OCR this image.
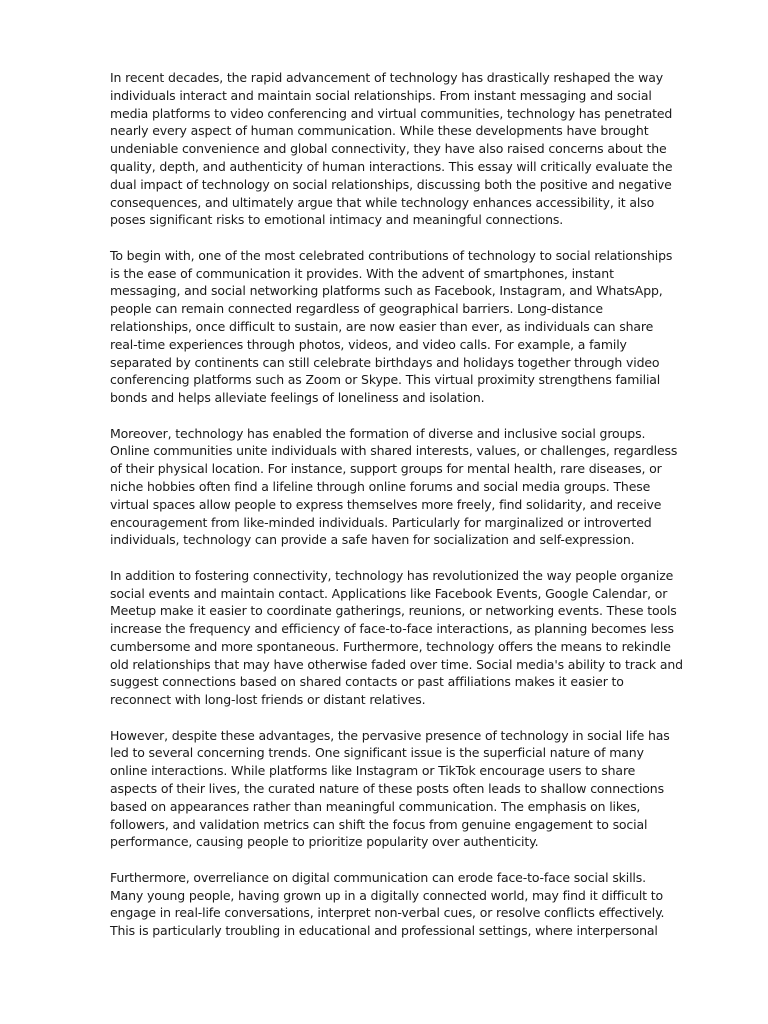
In recent decades, the rapid advancement of technology has drastically reshaped the way
individuals interact and maintain social relationships. From instant messaging and social
media platforms to video conferencing and virtual communities, technology has penetrated
nearly every aspect of human communication. While these developments have brought
undeniable convenience and global connectivity, they have also raised concerns about the
quality, depth, and authenticity of human interactions. This essay will critically evaluate the
dual impact of technology on social relationships, discussing both the positive and negative
consequences, and ultimately argue that while technology enhances accessibility, it also
poses significant risks to emotional intimacy and meaningful connections.

To begin with, one of the most celebrated contributions of technology to social relationships
is the ease of communication it provides. With the advent of smartphones, instant
messaging, and social networking platforms such as Facebook, Instagram, and WhatsApp,
people can remain connected regardless of geographical barriers. Long-distance
relationships, once difficult to sustain, are now easier than ever, as individuals can share
real-time experiences through photos, videos, and video calls. For example, a family
separated by continents can still celebrate birthdays and holidays together through video
conferencing platforms such as Zoom or Skype. This virtual proximity strengthens familial
bonds and helps alleviate feelings of loneliness and isolation.

Moreover, technology has enabled the formation of diverse and inclusive social groups.
Online communities unite individuals with shared interests, values, or challenges, regardless
of their physical location. For instance, support groups for mental health, rare diseases, or
niche hobbies often find a lifeline through online forums and social media groups. These
virtual spaces allow people to express themselves more freely, find solidarity, and receive
encouragement from like-minded individuals. Particularly for marginalized or introverted
individuals, technology can provide a safe haven for socialization and self-expression.

In addition to fostering connectivity, technology has revolutionized the way people organize
social events and maintain contact. Applications like Facebook Events, Google Calendar, or
Meetup make it easier to coordinate gatherings, reunions, or networking events. These tools
increase the frequency and efficiency of face-to-face interactions, as planning becomes less
cumbersome and more spontaneous. Furthermore, technology offers the means to rekindle
old relationships that may have otherwise faded over time. Social media's ability to track and
suggest connections based on shared contacts or past affiliations makes it easier to
reconnect with long-lost friends or distant relatives.

However, despite these advantages, the pervasive presence of technology in social life has
led to several concerning trends. One significant issue is the superficial nature of many
online interactions. While platforms like Instagram or TikTok encourage users to share
aspects of their lives, the curated nature of these posts often leads to shallow connections
based on appearances rather than meaningful communication. The emphasis on likes,
followers, and validation metrics can shift the focus from genuine engagement to social
performance, causing people to prioritize popularity over authenticity.

Furthermore, overreliance on digital communication can erode face-to-face social skills.
Many young people, having grown up in a digitally connected world, may find it difficult to
engage in real-life conversations, interpret non-verbal cues, or resolve conflicts effectively.
This is particularly troubling in educational and professional settings, where interpersonal
